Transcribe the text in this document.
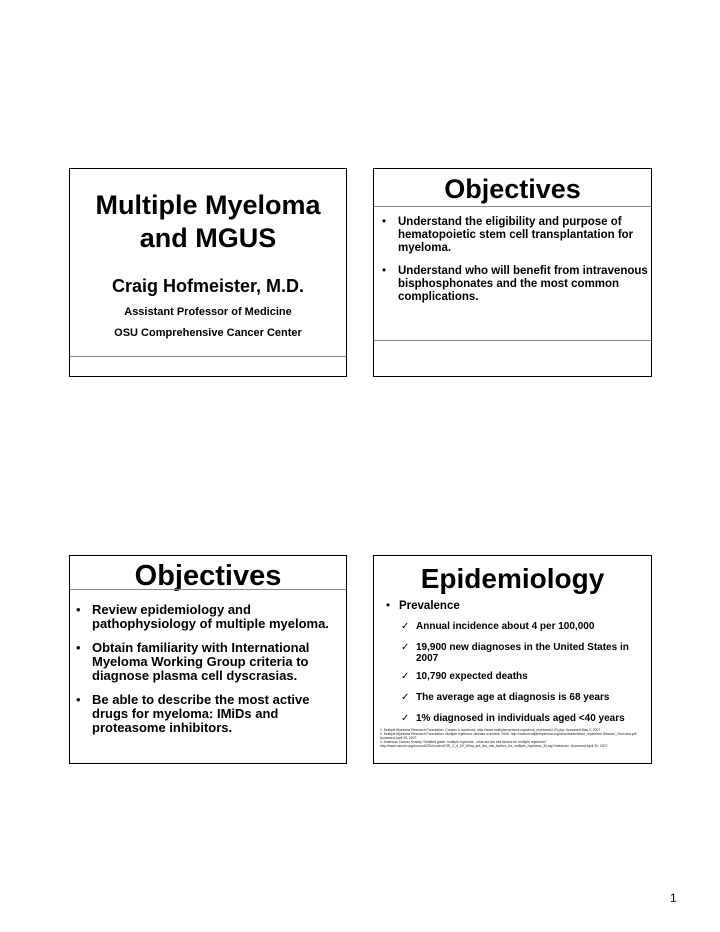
Multiple Myeloma
and MGUS
Craig Hofmeister, M.D.
Assistant Professor of Medicine
OSU Comprehensive Cancer Center
Objectives
• Understand the eligibility and purpose of hematopoietic stem cell transplantation for myeloma.
• Understand who will benefit from intravenous bisphosphonates and the most common complications.
Objectives
• Review epidemiology and pathophysiology of multiple myeloma.
• Obtain familiarity with International Myeloma Working Group criteria to diagnose plasma cell dyscrasias.
• Be able to describe the most active drugs for myeloma: IMiDs and proteasome inhibitors.
Epidemiology
• Prevalence
✓ Annual incidence about 4 per 100,000
✓ 19,900 new diagnoses in the United States in 2007
✓ 10,790 expected deaths
✓ The average age at diagnosis is 68 years
✓ 1% diagnosed in individuals aged <40 years

1. Multiple Myeloma Research Foundation. Causes & incidence. http://www.multiplemyeloma.org/about_myeloma/2.03.php. Accessed May 2, 2007.

3. Multiple Myeloma Research Foundation. Multiple myeloma: disease overview. 2006. http://www.multiplemyeloma.org/downloads/about_myeloma/ Disease_Overview.pdf. Accessed April 30, 2007.

4. American Cancer Society. Detailed guide: multiple myeloma - what are the risk factors for multiple myeloma? http://www.cancer.org/docroot/CRI/content/CRI_2_4_2X_What_are_the_risk_factors_for_multiple_myeloma_30.asp?sitearea=. Accessed April 30, 2007.

1
